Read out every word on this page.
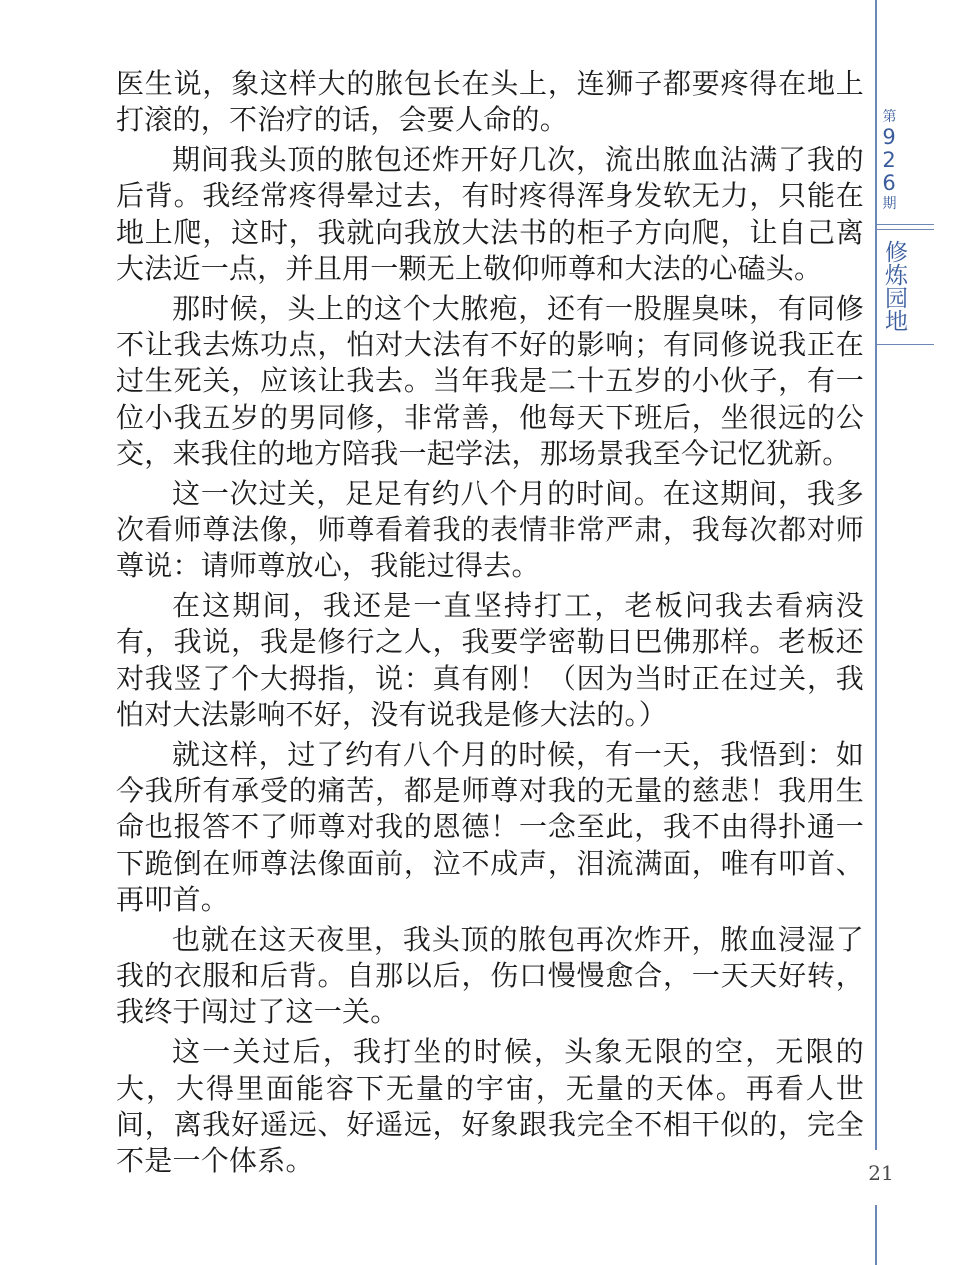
医生说，象这样大的脓包长在头上，连狮子都要疼得在地上打滚的，不治疗的话，会要人命的。

期间我头顶的脓包还炸开好几次，流出脓血沾满了我的后背。我经常疼得晕过去，有时疼得浑身发软无力，只能在地上爬，这时，我就向我放大法书的柜子方向爬，让自己离大法近一点，并且用一颗无上敬仰师尊和大法的心磕头。

那时候，头上的这个大脓疱，还有一股腥臭味，有同修不让我去炼功点，怕对大法有不好的影响；有同修说我正在过生死关，应该让我去。当年我是二十五岁的小伙子，有一位小我五岁的男同修，非常善，他每天下班后，坐很远的公交，来我住的地方陪我一起学法，那场景我至今记忆犹新。

这一次过关，足足有约八个月的时间。在这期间，我多次看师尊法像，师尊看着我的表情非常严肃，我每次都对师尊说：请师尊放心，我能过得去。

在这期间，我还是一直坚持打工，老板问我去看病没有，我说，我是修行之人，我要学密勒日巴佛那样。老板还对我竖了个大拇指，说：真有刚！（因为当时正在过关，我怕对大法影响不好，没有说我是修大法的。）

就这样，过了约有八个月的时候，有一天，我悟到：如今我所有承受的痛苦，都是师尊对我的无量的慈悲！我用生命也报答不了师尊对我的恩德！一念至此，我不由得扑通一下跪倒在师尊法像面前，泣不成声，泪流满面，唯有叩首、再叩首。

也就在这天夜里，我头顶的脓包再次炸开，脓血浸湿了我的衣服和后背。自那以后，伤口慢慢愈合，一天天好转，我终于闯过了这一关。

这一关过后，我打坐的时候，头象无限的空，无限的大，大得里面能容下无量的宇宙，无量的天体。再看人世间，离我好遥远、好遥远，好象跟我完全不相干似的，完全不是一个体系。

第
9
2
6
期
修炼园地
21
